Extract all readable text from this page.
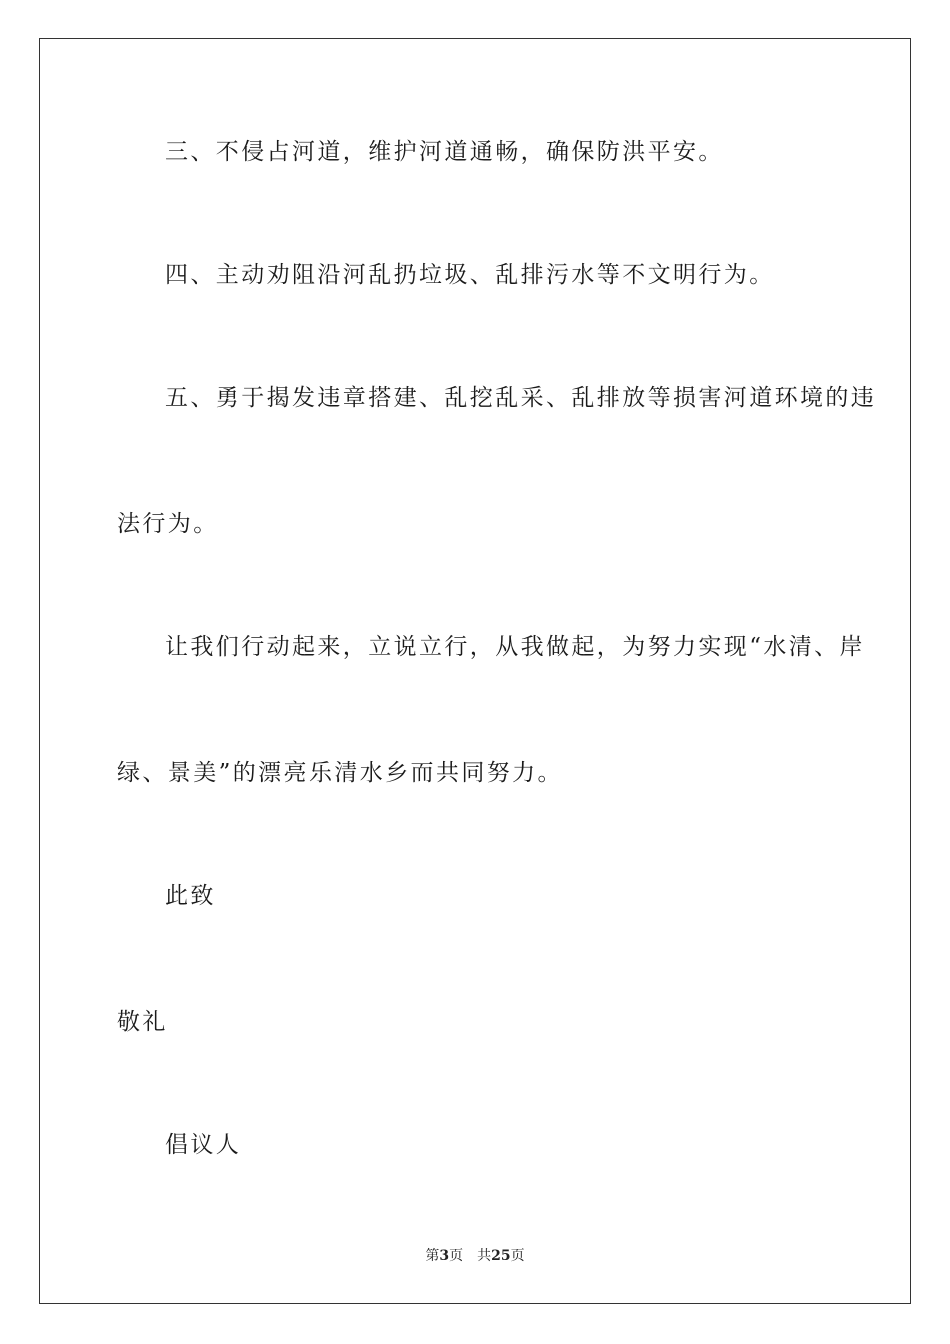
三、不侵占河道，维护河道通畅，确保防洪平安。
四、主动劝阻沿河乱扔垃圾、乱排污水等不文明行为。
五、勇于揭发违章搭建、乱挖乱采、乱排放等损害河道环境的违
法行为。
让我们行动起来，立说立行，从我做起，为努力实现“水清、岸
绿、景美”的漂亮乐清水乡而共同努力。
此致
敬礼
倡议人
第3页 共25页
